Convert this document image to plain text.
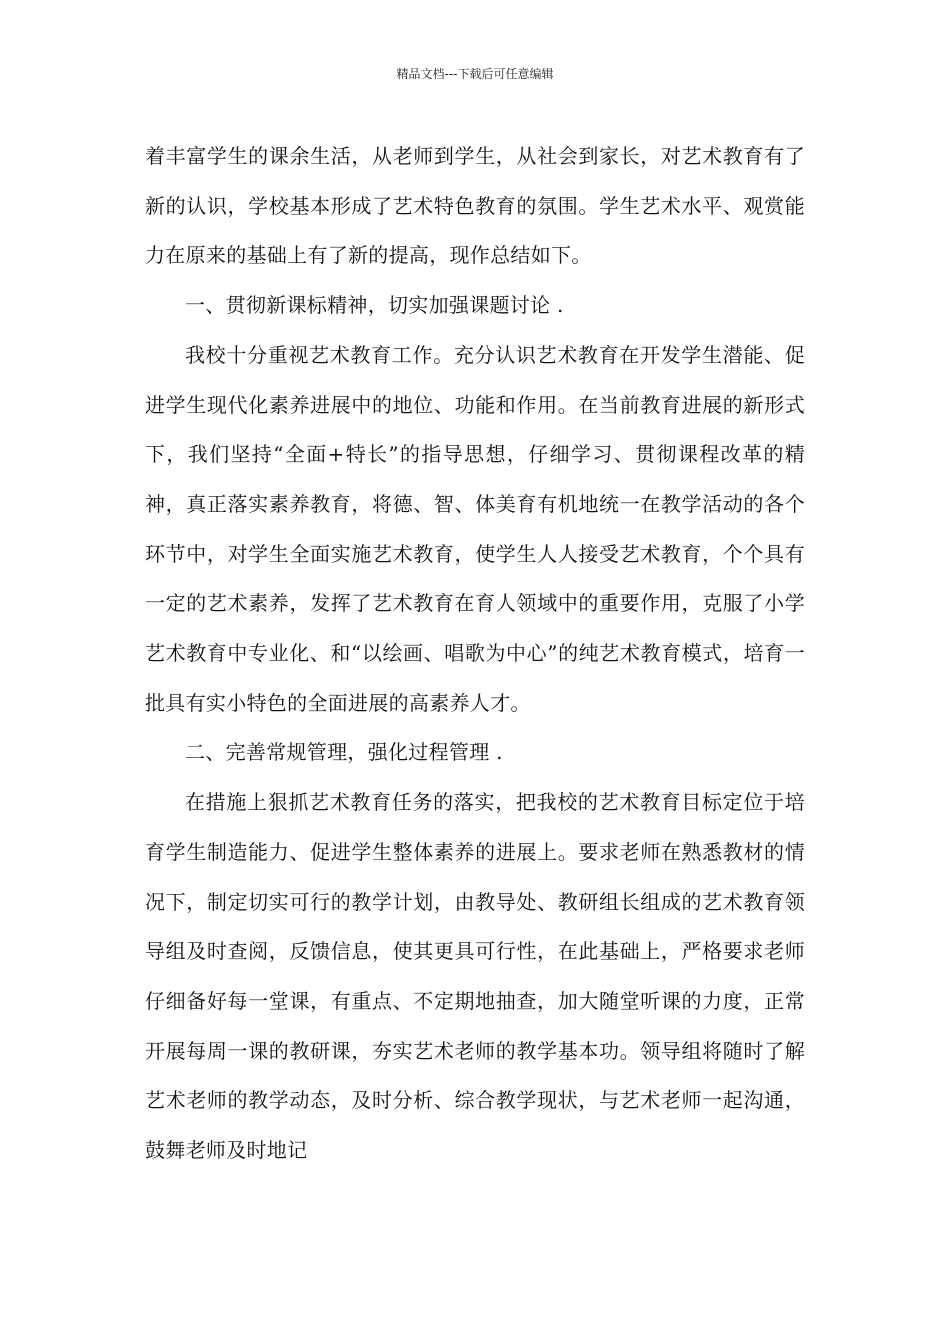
精品文档---下载后可任意编辑

着丰富学生的课余生活，从老师到学生，从社会到家长，对艺术教育有了新的认识，学校基本形成了艺术特色教育的氛围。学生艺术水平、观赏能力在原来的基础上有了新的提高，现作总结如下。

一、贯彻新课标精神，切实加强课题讨论 .

我校十分重视艺术教育工作。充分认识艺术教育在开发学生潜能、促进学生现代化素养进展中的地位、功能和作用。在当前教育进展的新形式下，我们坚持“全面+特长”的指导思想，仔细学习、贯彻课程改革的精神，真正落实素养教育，将德、智、体美育有机地统一在教学活动的各个环节中，对学生全面实施艺术教育，使学生人人接受艺术教育，个个具有一定的艺术素养，发挥了艺术教育在育人领域中的重要作用，克服了小学艺术教育中专业化、和“以绘画、唱歌为中心”的纯艺术教育模式，培育一批具有实小特色的全面进展的高素养人才。

二、完善常规管理，强化过程管理 .

在措施上狠抓艺术教育任务的落实，把我校的艺术教育目标定位于培育学生制造能力、促进学生整体素养的进展上。要求老师在熟悉教材的情况下，制定切实可行的教学计划，由教导处、教研组长组成的艺术教育领导组及时查阅，反馈信息，使其更具可行性，在此基础上，严格要求老师仔细备好每一堂课，有重点、不定期地抽查，加大随堂听课的力度，正常开展每周一课的教研课，夯实艺术老师的教学基本功。领导组将随时了解艺术老师的教学动态，及时分析、综合教学现状，与艺术老师一起沟通，鼓舞老师及时地记
